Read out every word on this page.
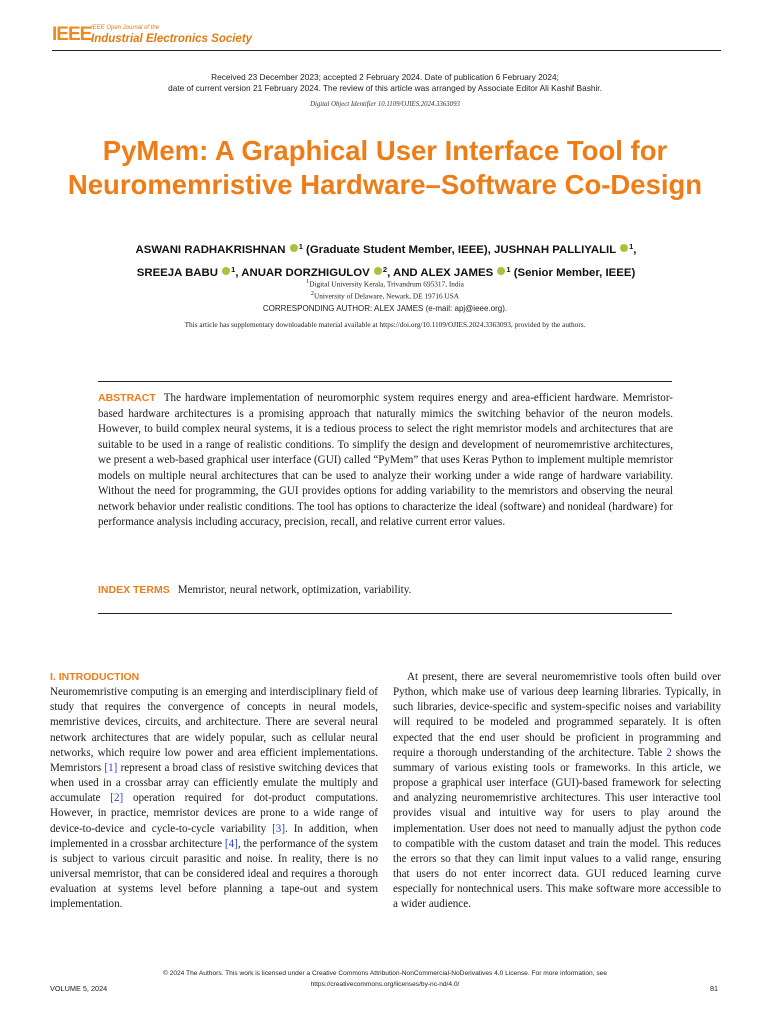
IEEE IEEE Open Journal of the
Industrial Electronics Society
Received 23 December 2023; accepted 2 February 2024. Date of publication 6 February 2024;
date of current version 21 February 2024. The review of this article was arranged by Associate Editor Ali Kashif Bashir.
Digital Object Identifier 10.1109/OJIES.2024.3363093
PyMem: A Graphical User Interface Tool for Neuromemristive Hardware–Software Co-Design
ASWANI RADHAKRISHNAN $^1$ (Graduate Student Member, IEEE), JUSHNAH PALLIYALIL $^1$,
SREEJA BABU $^1$, ANUAR DORZHIGULOV $^2$, AND ALEX JAMES $^1$ (Senior Member, IEEE)
$^1$Digital University Kerala, Trivandrum 695317, India
$^2$University of Delaware, Newark, DE 19716 USA
CORRESPONDING AUTHOR: ALEX JAMES (e-mail: apj@ieee.org).
This article has supplementary downloadable material available at https://doi.org/10.1109/OJIES.2024.3363093, provided by the authors.
ABSTRACT The hardware implementation of neuromorphic system requires energy and area-efficient hardware. Memristor-based hardware architectures is a promising approach that naturally mimics the switching behavior of the neuron models. However, to build complex neural systems, it is a tedious process to select the right memristor models and architectures that are suitable to be used in a range of realistic conditions. To simplify the design and development of neuromemristive architectures, we present a web-based graphical user interface (GUI) called “PyMem” that uses Keras Python to implement multiple memristor models on multiple neural architectures that can be used to analyze their working under a wide range of hardware variability. Without the need for programming, the GUI provides options for adding variability to the memristors and observing the neural network behavior under realistic conditions. The tool has options to characterize the ideal (software) and nonideal (hardware) for performance analysis including accuracy, precision, recall, and relative current error values.
INDEX TERMS Memristor, neural network, optimization, variability.
I. INTRODUCTION
Neuromemristive computing is an emerging and interdisciplinary field of study that requires the convergence of concepts in neural models, memristive devices, circuits, and architecture. There are several neural network architectures that are widely popular, such as cellular neural networks, which require low power and area efficient implementations. Memristors [1] represent a broad class of resistive switching devices that when used in a crossbar array can efficiently emulate the multiply and accumulate [2] operation required for dot-product computations. However, in practice, memristor devices are prone to a wide range of device-to-device and cycle-to-cycle variability [3]. In addition, when implemented in a crossbar architecture [4], the performance of the system is subject to various circuit parasitic and noise. In reality, there is no universal memristor, that can be considered ideal and requires a thorough evaluation at systems level before planning a tape-out and system implementation.
At present, there are several neuromemristive tools often build over Python, which make use of various deep learning libraries. Typically, in such libraries, device-specific and system-specific noises and variability will required to be modeled and programmed separately. It is often expected that the end user should be proficient in programming and require a thorough understanding of the architecture. Table 2 shows the summary of various existing tools or frameworks. In this article, we propose a graphical user interface (GUI)-based framework for selecting and analyzing neuromemristive architectures. This user interactive tool provides visual and intuitive way for users to play around the implementation. User does not need to manually adjust the python code to compatible with the custom dataset and train the model. This reduces the errors so that they can limit input values to a valid range, ensuring that users do not enter incorrect data. GUI reduced learning curve especially for nontechnical users. This make software more accessible to a wider audience.
© 2024 The Authors. This work is licensed under a Creative Commons Attribution-NonCommercial-NoDerivatives 4.0 License. For more information, see
https://creativecommons.org/licenses/by-nc-nd/4.0/
VOLUME 5, 2024	81
